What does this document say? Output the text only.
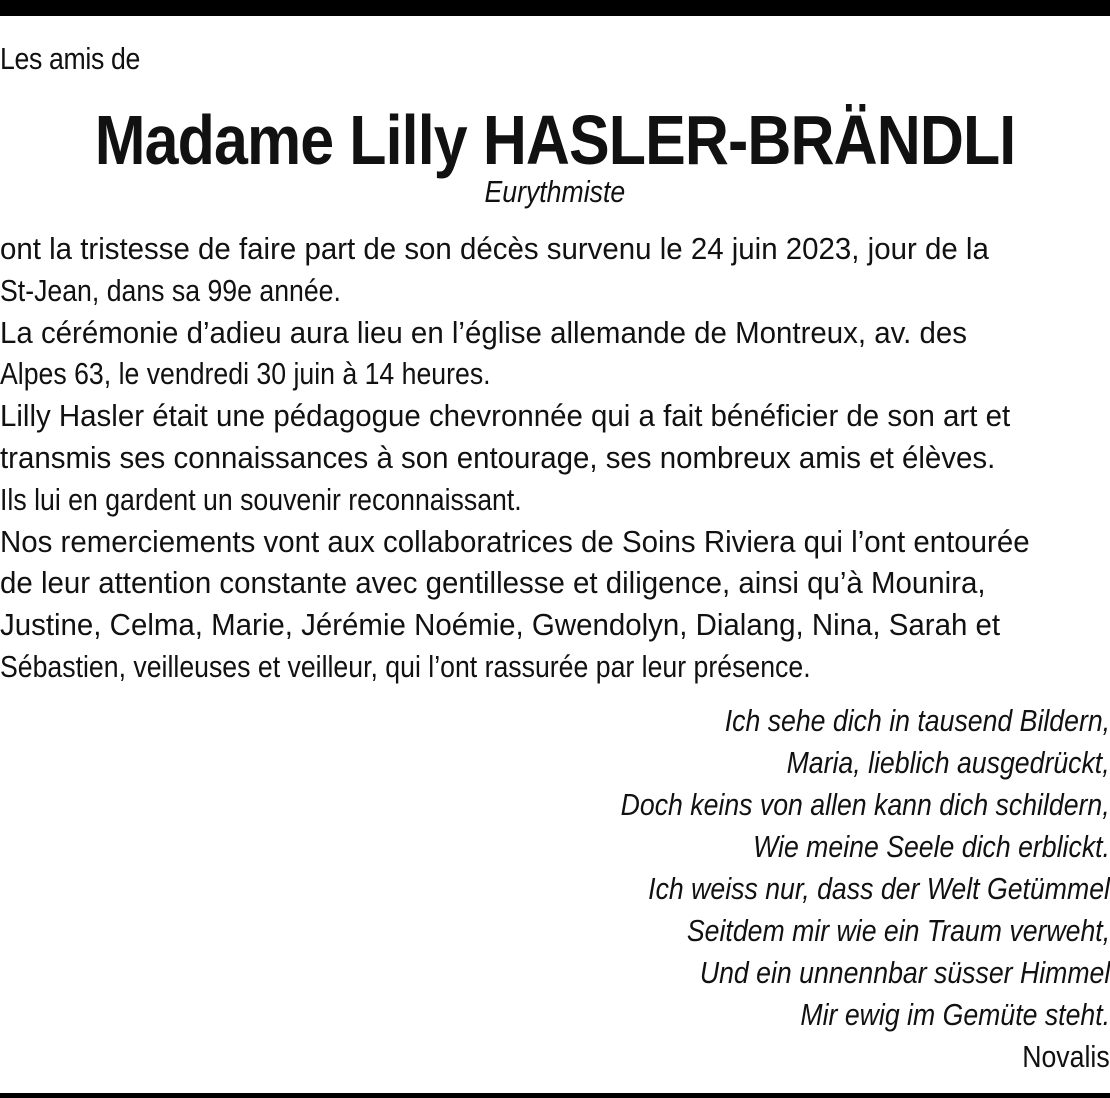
Les amis de
Madame Lilly HASLER-BRÄNDLI
Eurythmiste
ont la tristesse de faire part de son décès survenu le 24 juin 2023, jour de la
St-Jean, dans sa 99e année.
La cérémonie d’adieu aura lieu en l’église allemande de Montreux, av. des
Alpes 63, le vendredi 30 juin à 14 heures.
Lilly Hasler était une pédagogue chevronnée qui a fait bénéficier de son art et
transmis ses connaissances à son entourage, ses nombreux amis et élèves.
Ils lui en gardent un souvenir reconnaissant.
Nos remerciements vont aux collaboratrices de Soins Riviera qui l’ont entourée
de leur attention constante avec gentillesse et diligence, ainsi qu’à Mounira,
Justine, Celma, Marie, Jérémie Noémie, Gwendolyn, Dialang, Nina, Sarah et
Sébastien, veilleuses et veilleur, qui l’ont rassurée par leur présence.
Ich sehe dich in tausend Bildern,
Maria, lieblich ausgedrückt,
Doch keins von allen kann dich schildern,
Wie meine Seele dich erblickt.
Ich weiss nur, dass der Welt Getümmel
Seitdem mir wie ein Traum verweht,
Und ein unnennbar süsser Himmel
Mir ewig im Gemüte steht.
Novalis
